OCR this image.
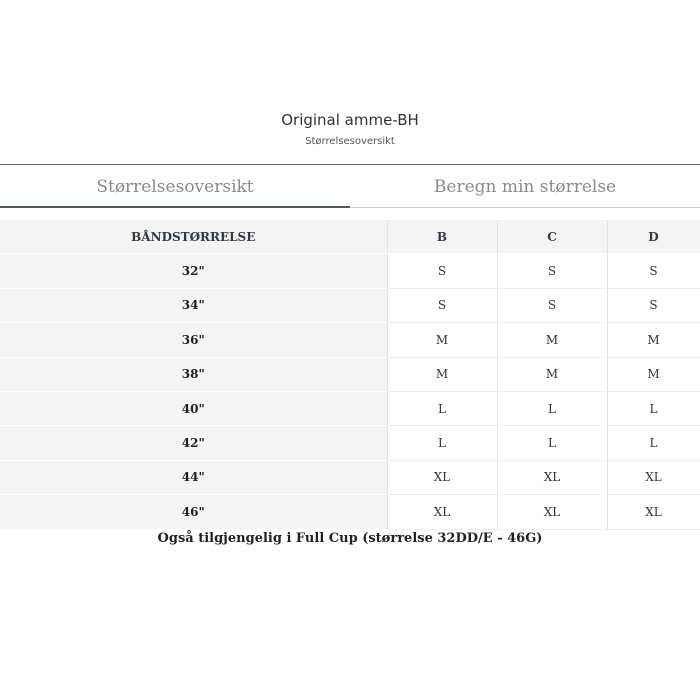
Original amme-BH
Størrelsesoversikt
Størrelsesoversikt	Beregn min størrelse
BÅNDSTØRRELSE	B	C	D
32"	S	S	S
34"	S	S	S
36"	M	M	M
38"	M	M	M
40"	L	L	L
42"	L	L	L
44"	XL	XL	XL
46"	XL	XL	XL
Også tilgjengelig i Full Cup (størrelse 32DD/E - 46G)
